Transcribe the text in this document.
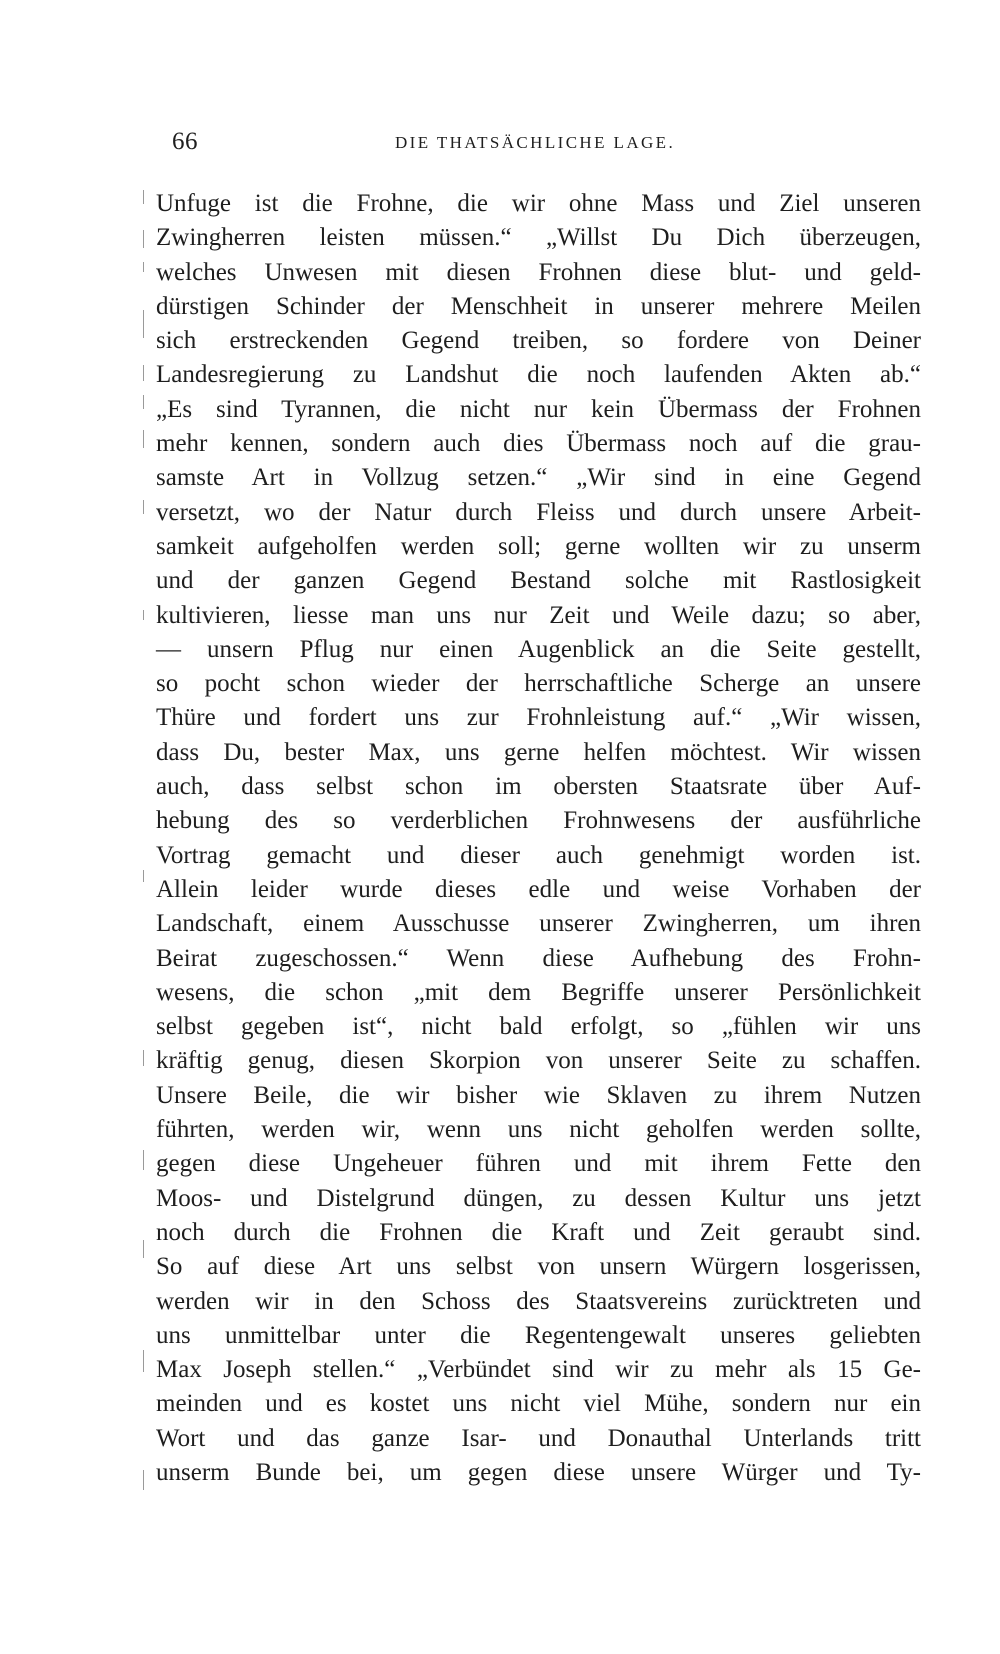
66	DIE THATSÄCHLICHE LAGE.
Unfuge ist die Frohne, die wir ohne Mass und Ziel unseren
Zwingherren leisten müssen.“ „Willst Du Dich überzeugen,
welches Unwesen mit diesen Frohnen diese blut- und geld-
dürstigen Schinder der Menschheit in unserer mehrere Meilen
sich erstreckenden Gegend treiben, so fordere von Deiner
Landesregierung zu Landshut die noch laufenden Akten ab.“
„Es sind Tyrannen, die nicht nur kein Übermass der Frohnen
mehr kennen, sondern auch dies Übermass noch auf die grau-
samste Art in Vollzug setzen.“ „Wir sind in eine Gegend
versetzt, wo der Natur durch Fleiss und durch unsere Arbeit-
samkeit aufgeholfen werden soll; gerne wollten wir zu unserm
und der ganzen Gegend Bestand solche mit Rastlosigkeit
kultivieren, liesse man uns nur Zeit und Weile dazu; so aber,
— unsern Pflug nur einen Augenblick an die Seite gestellt,
so pocht schon wieder der herrschaftliche Scherge an unsere
Thüre und fordert uns zur Frohnleistung auf.“ „Wir wissen,
dass Du, bester Max, uns gerne helfen möchtest. Wir wissen
auch, dass selbst schon im obersten Staatsrate über Auf-
hebung des so verderblichen Frohnwesens der ausführliche
Vortrag gemacht und dieser auch genehmigt worden ist.
Allein leider wurde dieses edle und weise Vorhaben der
Landschaft, einem Ausschusse unserer Zwingherren, um ihren
Beirat zugeschossen.“ Wenn diese Aufhebung des Frohn-
wesens, die schon „mit dem Begriffe unserer Persönlichkeit
selbst gegeben ist“, nicht bald erfolgt, so „fühlen wir uns
kräftig genug, diesen Skorpion von unserer Seite zu schaffen.
Unsere Beile, die wir bisher wie Sklaven zu ihrem Nutzen
führten, werden wir, wenn uns nicht geholfen werden sollte,
gegen diese Ungeheuer führen und mit ihrem Fette den
Moos- und Distelgrund düngen, zu dessen Kultur uns jetzt
noch durch die Frohnen die Kraft und Zeit geraubt sind.
So auf diese Art uns selbst von unsern Würgern losgerissen,
werden wir in den Schoss des Staatsvereins zurücktreten und
uns unmittelbar unter die Regentengewalt unseres geliebten
Max Joseph stellen.“ „Verbündet sind wir zu mehr als 15 Ge-
meinden und es kostet uns nicht viel Mühe, sondern nur ein
Wort und das ganze Isar- und Donauthal Unterlands tritt
unserm Bunde bei, um gegen diese unsere Würger und Ty-
